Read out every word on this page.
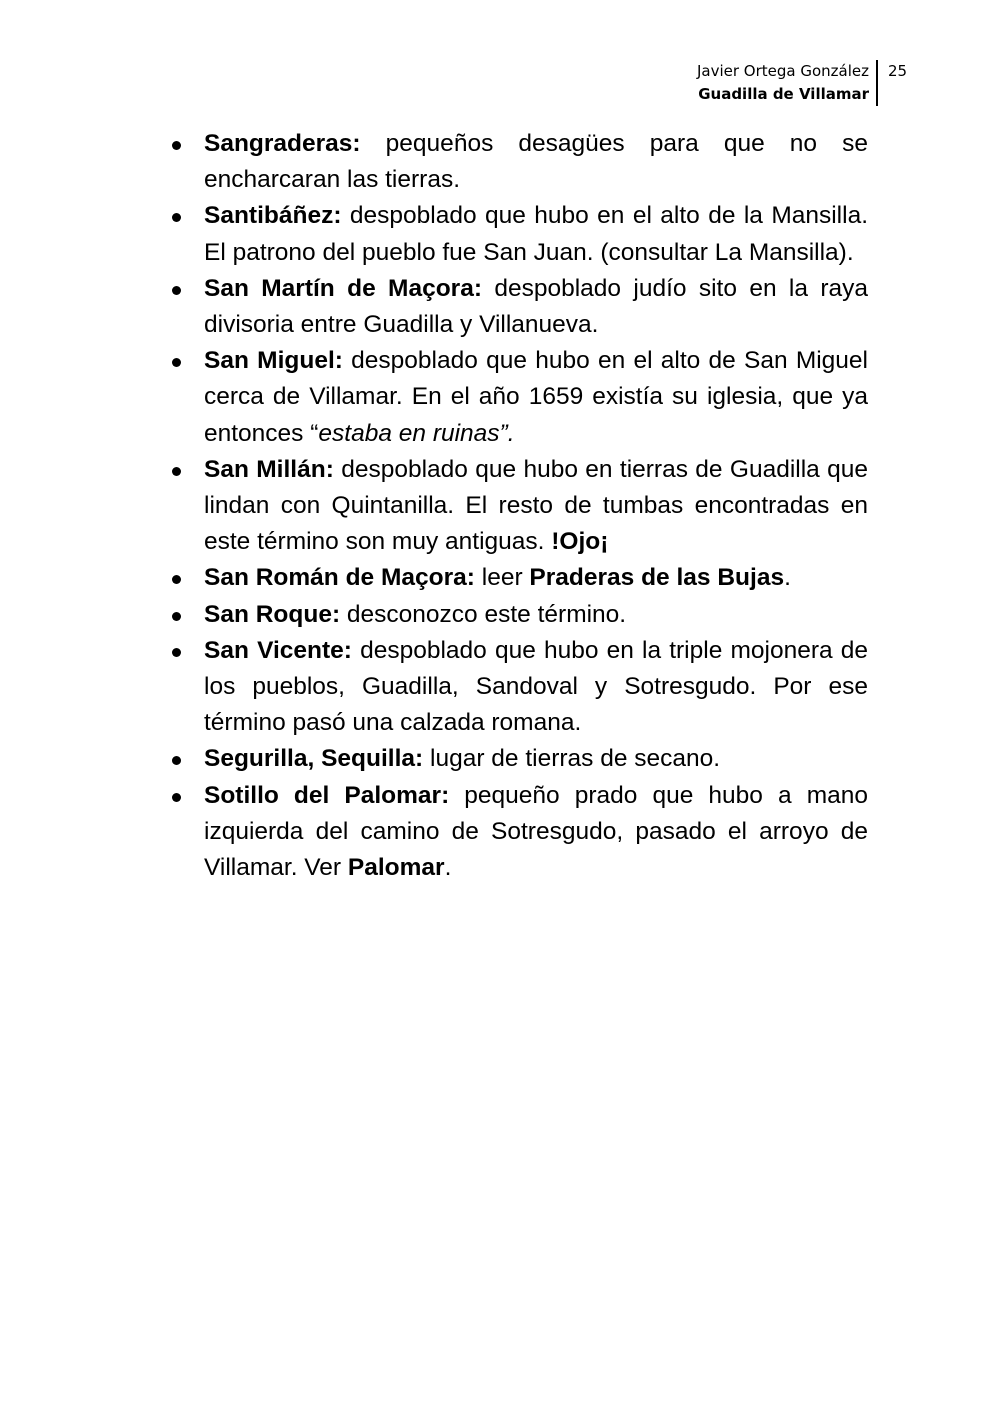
Javier Ortega González
Guadilla de Villamar
25
Sangraderas: pequeños desagües para que no se encharcaran las tierras.
Santibáñez: despoblado que hubo en el alto de la Mansilla. El patrono del pueblo fue San Juan. (consultar La Mansilla).
San Martín de Maçora: despoblado judío sito en la raya divisoria entre Guadilla y Villanueva.
San Miguel: despoblado que hubo en el alto de San Miguel cerca de Villamar. En el año 1659 existía su iglesia, que ya entonces “estaba en ruinas”.
San Millán: despoblado que hubo en tierras de Guadilla que lindan con Quintanilla. El resto de tumbas encontradas en este término son muy antiguas. !Ojo¡
San Román de Maçora: leer Praderas de las Bujas.
San Roque: desconozco este término.
San Vicente: despoblado que hubo en la triple mojonera de los pueblos, Guadilla, Sandoval y Sotresgudo. Por ese término pasó una calzada romana.
Segurilla, Sequilla: lugar de tierras de secano.
Sotillo del Palomar: pequeño prado que hubo a mano izquierda del camino de Sotresgudo, pasado el arroyo de Villamar. Ver Palomar.
